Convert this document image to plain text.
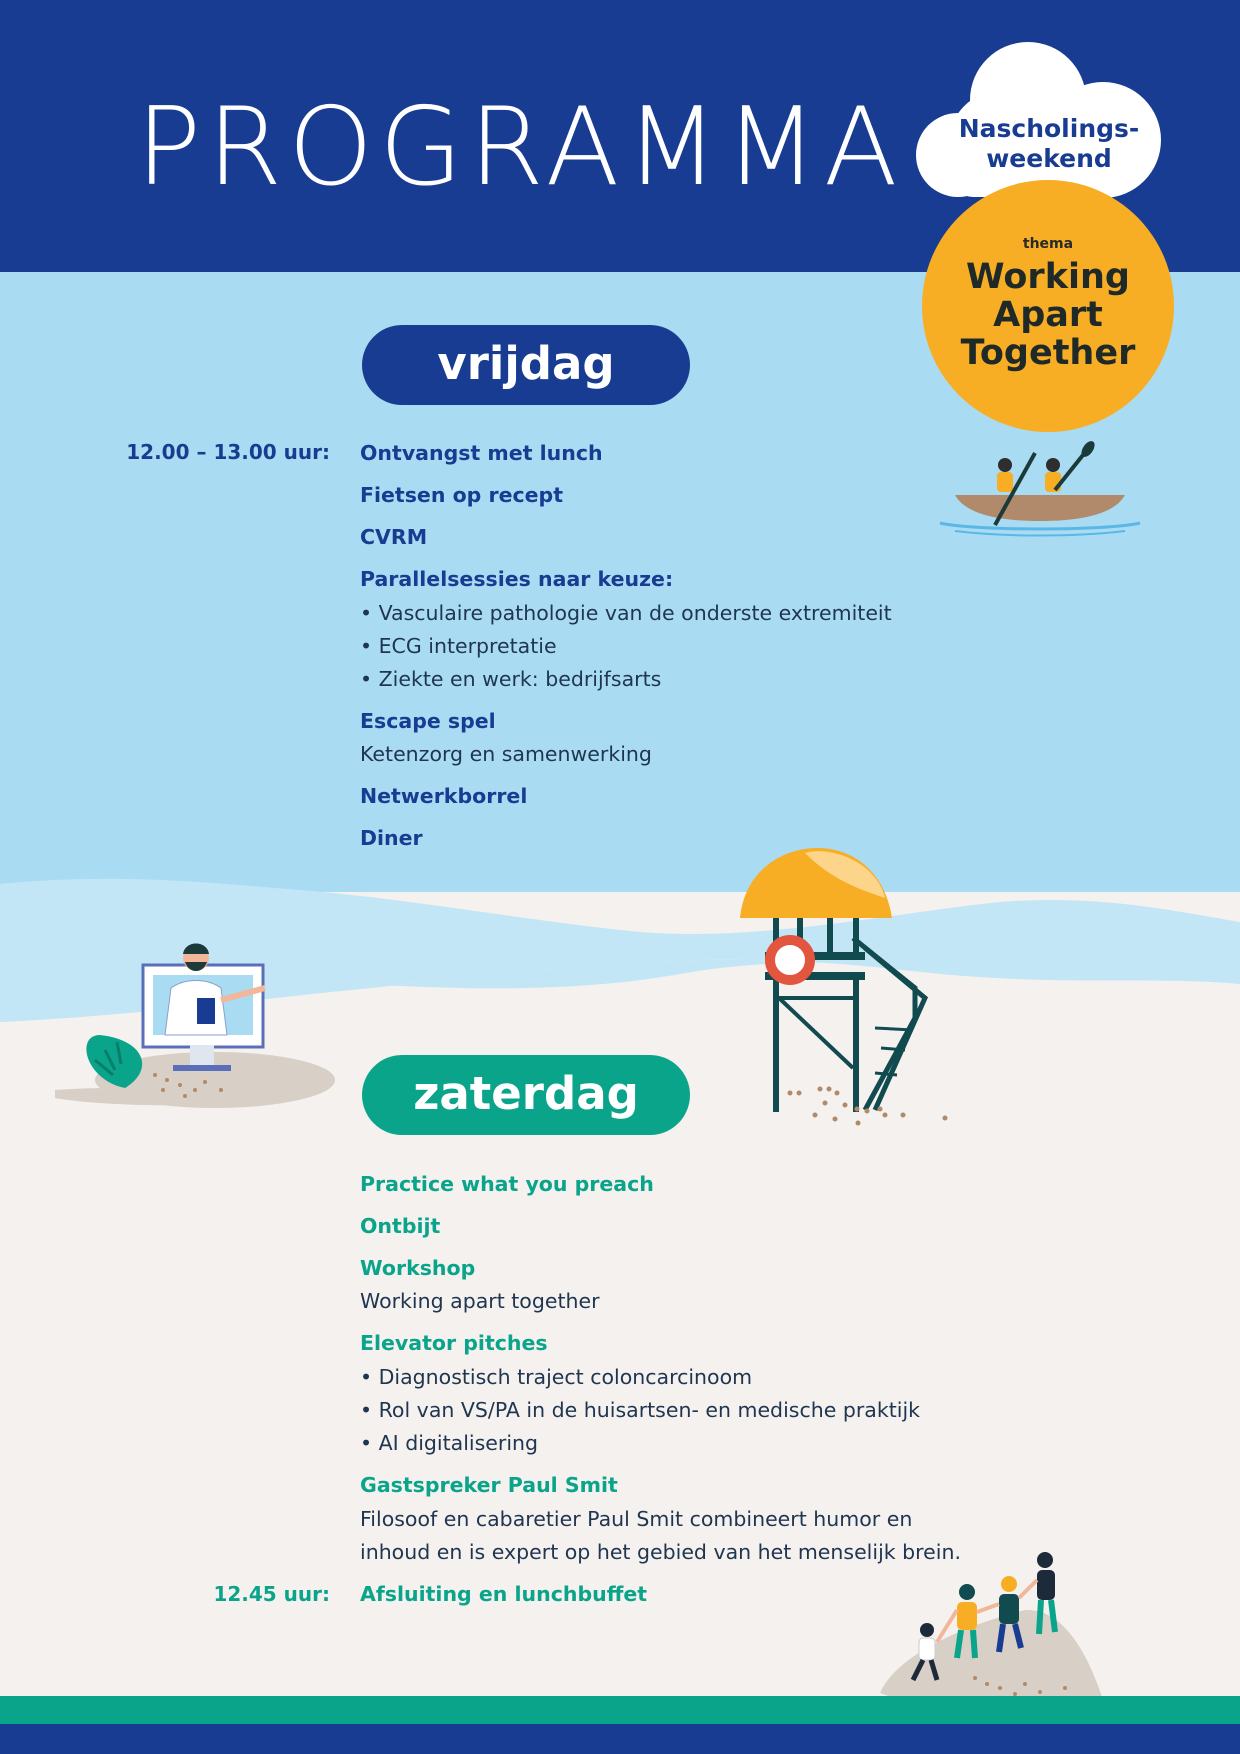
PROGRAMMA	Nascholings-
weekend
thema
Working
Apart
Together
vrijdag
12.00 – 13.00 uur: Ontvangst met lunch
Fietsen op recept
CVRM
Parallelsessies naar keuze:
• Vasculaire pathologie van de onderste extremiteit
• ECG interpretatie
• Ziekte en werk: bedrijfsarts
Escape spel
Ketenzorg en samenwerking
Netwerkborrel
Diner
zaterdag
Practice what you preach
Ontbijt
Workshop
Working apart together
Elevator pitches
• Diagnostisch traject coloncarcinoom
• Rol van VS/PA in de huisartsen- en medische praktijk
• AI digitalisering
Gastspreker Paul Smit
Filosoof en cabaretier Paul Smit combineert humor en
inhoud en is expert op het gebied van het menselijk brein.
Afsluiting en lunchbuffet
12.45 uur:
